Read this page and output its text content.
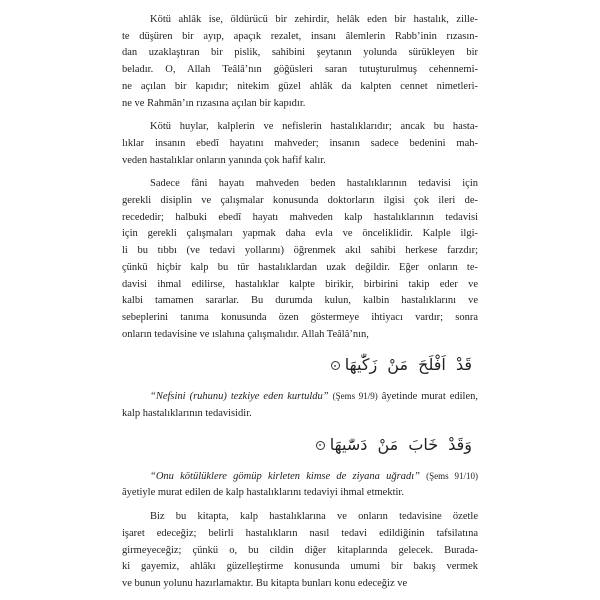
Kötü ahlâk ise, öldürücü bir zehirdir, helâk eden bir hastalık, zille-
te düşüren bir ayıp, apaçık rezalet, insanı âlemlerin Rabb’inin rızasın-
dan uzaklaştıran bir pislik, sahibini şeytanın yolunda sürükleyen bir
beladır. O, Allah Teâlâ’nın göğüsleri saran tutuşturulmuş cehennemi-
ne açılan bir kapıdır; nitekim güzel ahlâk da kalpten cennet nimetleri-
ne ve Rahmân’ın rızasına açılan bir kapıdır.
Kötü huylar, kalplerin ve nefislerin hastalıklarıdır; ancak bu hasta-
lıklar insanın ebedî hayatını mahveder; insanın sadece bedenini mah-
veden hastalıklar onların yanında çok hafif kalır.
Sadece fâni hayatı mahveden beden hastalıklarının tedavisi için
gerekli disiplin ve çalışmalar konusunda doktorların ilgisi çok ileri de-
recededir; halbuki ebedî hayatı mahveden kalp hastalıklarının tedavisi
için gerekli çalışmaları yapmak daha evla ve önceliklidir. Kalple ilgi-
li bu tıbbı (ve tedavi yollarını) öğrenmek akıl sahibi herkese farzdır;
çünkü hiçbir kalp bu tür hastalıklardan uzak değildir. Eğer onların te-
davisi ihmal edilirse, hastalıklar kalpte birikir, birbirini takip eder ve
kalbi tamamen sararlar. Bu durumda kulun, kalbin hastalıklarını ve
sebeplerini tanıma konusunda özen göstermeye ihtiyacı vardır; sonra
onların tedavisine ve ıslahına çalışmalıdır. Allah Teâlâ’nın,
قَدْ اَفْلَحَ مَنْ زَكّٰيهَا
“Nefsini (ruhunu) tezkiye eden kurtuldu” (Şems 91/9) âyetinde murat edilen, kalp hastalıklarının tedavisidir.
وَقَدْ خَابَ مَنْ دَسّٰيهَا
“Onu kötülüklere gömüp kirleten kimse de ziyana uğradı” (Şems 91/10) âyetiyle murat edilen de kalp hastalıklarını tedaviyi ihmal etmektir.
Biz bu kitapta, kalp hastalıklarına ve onların tedavisine özetle
işaret edeceğiz; belirli hastalıkların nasıl tedavi edildiğinin tafsilatına
girmeyeceğiz; çünkü o, bu cildin diğer kitaplarında gelecek. Burada-
ki gayemiz, ahlâkı güzelleştirme konusunda umumi bir bakış vermek
ve bunun yolunu hazırlamaktır. Bu kitapta bunları konu edeceğiz ve
